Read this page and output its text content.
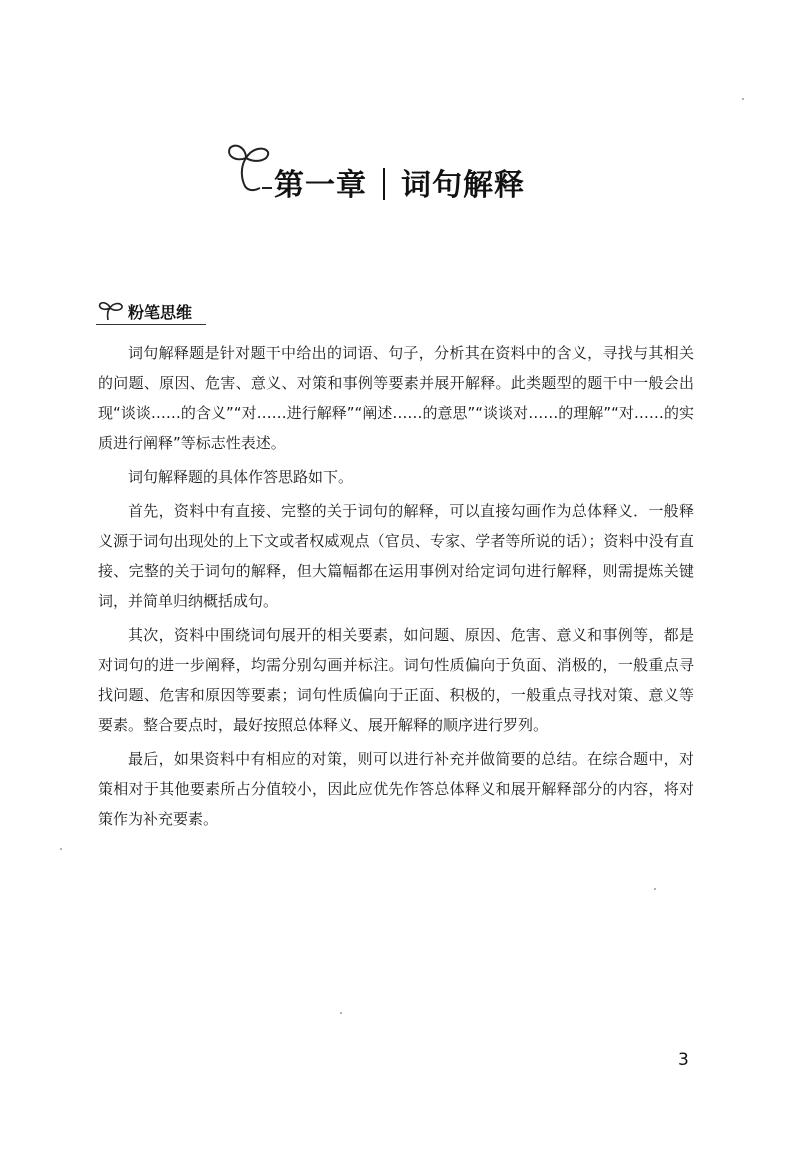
第一章 词句解释
粉笔思维

词句解释题是针对题干中给出的词语、句子，分析其在资料中的含义，寻找与其相关的问题、原因、危害、意义、对策和事例等要素并展开解释。此类题型的题干中一般会出现“谈谈……的含义”“对……进行解释”“阐述……的意思”“谈谈对……的理解”“对……的实质进行阐释”等标志性表述。

词句解释题的具体作答思路如下。

首先，资料中有直接、完整的关于词句的解释，可以直接勾画作为总体释义．一般释义源于词句出现处的上下文或者权威观点（官员、专家、学者等所说的话）；资料中没有直接、完整的关于词句的解释，但大篇幅都在运用事例对给定词句进行解释，则需提炼关键词，并简单归纳概括成句。

其次，资料中围绕词句展开的相关要素，如问题、原因、危害、意义和事例等，都是对词句的进一步阐释，均需分别勾画并标注。词句性质偏向于负面、消极的，一般重点寻找问题、危害和原因等要素；词句性质偏向于正面、积极的，一般重点寻找对策、意义等要素。整合要点时，最好按照总体释义、展开解释的顺序进行罗列。

最后，如果资料中有相应的对策，则可以进行补充并做简要的总结。在综合题中，对策相对于其他要素所占分值较小，因此应优先作答总体释义和展开解释部分的内容，将对策作为补充要素。

3
